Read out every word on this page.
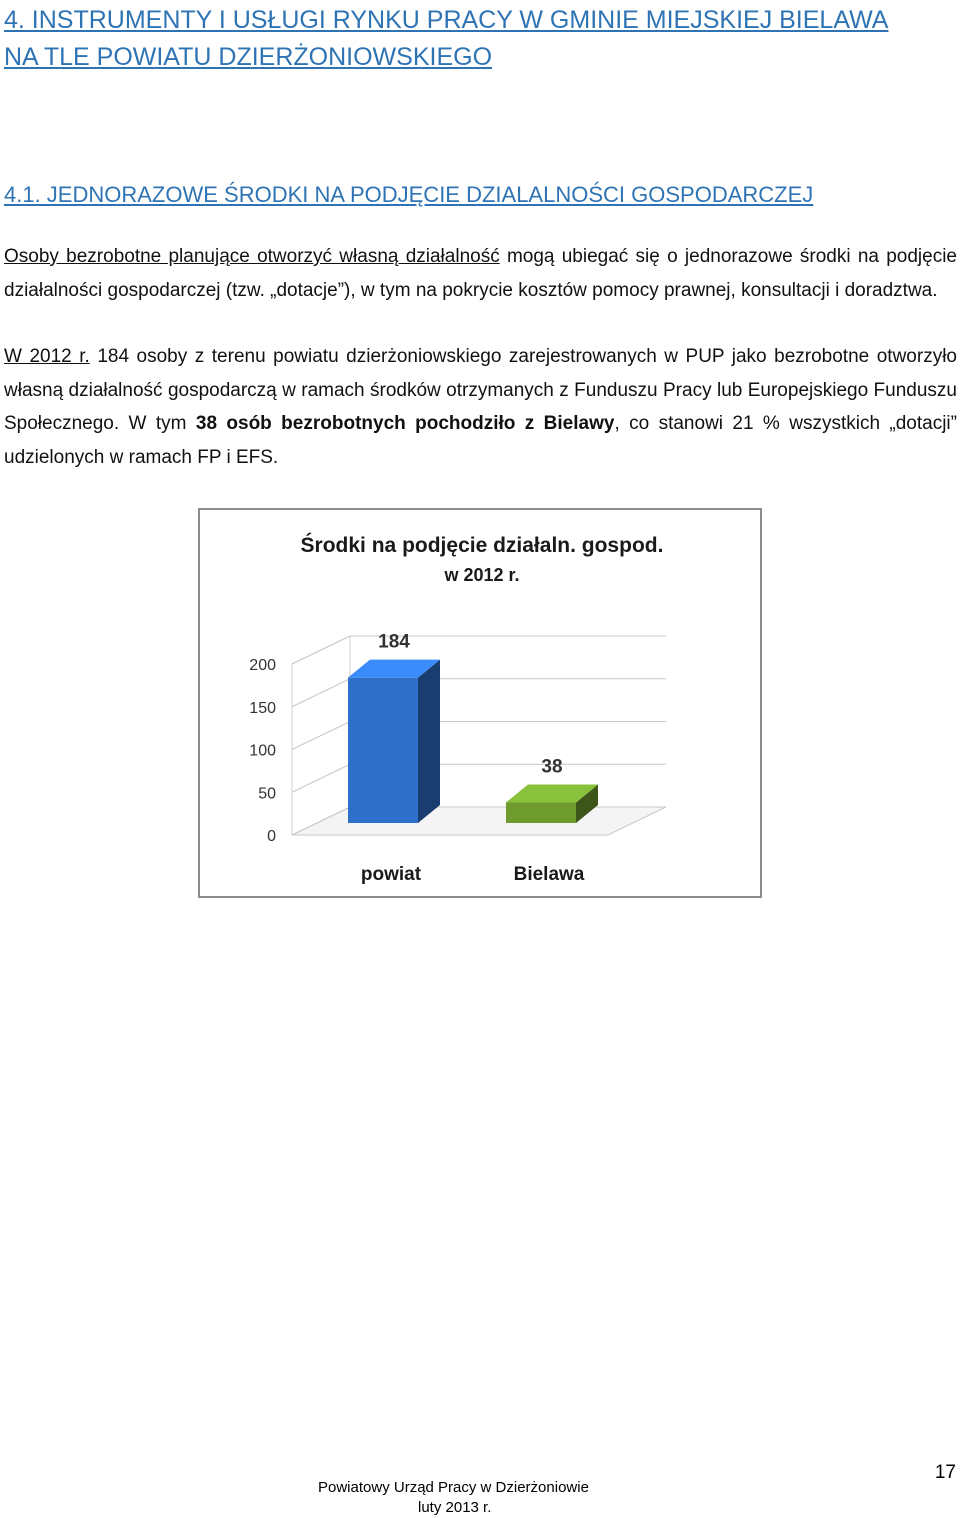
4. INSTRUMENTY I USŁUGI RYNKU PRACY W GMINIE MIEJSKIEJ BIELAWA
NA TLE POWIATU DZIERŻONIOWSKIEGO
4.1. JEDNORAZOWE ŚRODKI NA PODJĘCIE DZIALALNOŚCI GOSPODARCZEJ
Osoby bezrobotne planujące otworzyć własną działalność mogą ubiegać się o jednorazowe środki na podjęcie działalności gospodarczej (tzw. „dotacje”), w tym na pokrycie kosztów pomocy prawnej, konsultacji i doradztwa.
W 2012 r. 184 osoby z terenu powiatu dzierżoniowskiego zarejestrowanych w PUP jako bezrobotne otworzyło własną działalność gospodarczą w ramach środków otrzymanych z Funduszu Pracy lub Europejskiego Funduszu Społecznego. W tym 38 osób bezrobotnych pochodziło z Bielawy, co stanowi 21 % wszystkich „dotacji” udzielonych w ramach FP i EFS.
Środki na podjęcie działaln. gospod.
w 2012 r.
0
50
100
150
200
184
powiat
38
Bielawa
Powiatowy Urząd Pracy w Dzierżoniowie
luty 2013 r.
17
